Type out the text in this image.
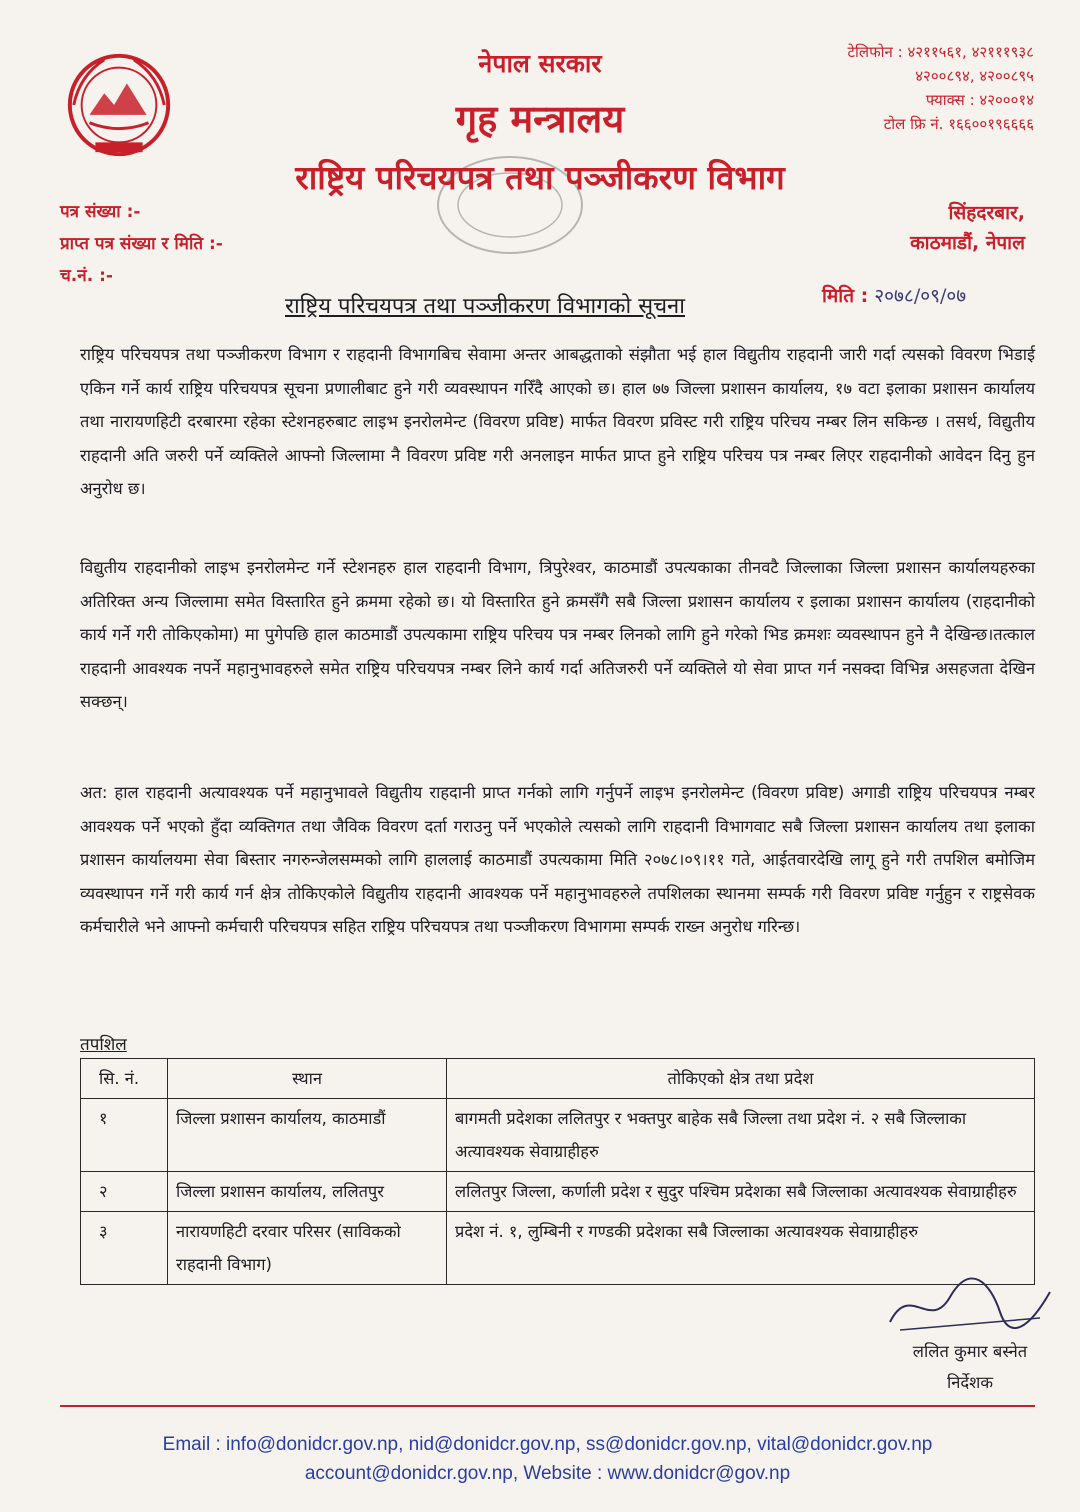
नेपाल सरकार
गृह मन्त्रालय
राष्ट्रिय परिचयपत्र तथा पञ्जीकरण विभाग
टेलिफोन : ४२११५६१, ४२१११९३८
४२००८९४, ४२००८९५
फ्याक्स : ४२०००१४
टोल फ्रि नं. १६६००१९६६६६
पत्र संख्या :-
प्राप्त पत्र संख्या र मिति :-
च.नं. :-
सिंहदरबार,
काठमाडौं, नेपाल
मिति : २०७८/०९/०७
राष्ट्रिय परिचयपत्र तथा पञ्जीकरण विभागको सूचना
राष्ट्रिय परिचयपत्र तथा पञ्जीकरण विभाग र राहदानी विभागबिच सेवामा अन्तर आबद्धताको संझौता भई हाल विद्युतीय राहदानी जारी गर्दा त्यसको विवरण भिडाई एकिन गर्ने कार्य राष्ट्रिय परिचयपत्र सूचना प्रणालीबाट हुने गरी व्यवस्थापन गरिँदै आएको छ। हाल ७७ जिल्ला प्रशासन कार्यालय, १७ वटा इलाका प्रशासन कार्यालय तथा नारायणहिटी दरबारमा रहेका स्टेशनहरुबाट लाइभ इनरोलमेन्ट (विवरण प्रविष्ट) मार्फत विवरण प्रविस्ट गरी राष्ट्रिय परिचय नम्बर लिन सकिन्छ । तसर्थ, विद्युतीय राहदानी अति जरुरी पर्ने व्यक्तिले आफ्नो जिल्लामा नै विवरण प्रविष्ट गरी अनलाइन मार्फत प्राप्त हुने राष्ट्रिय परिचय पत्र नम्बर लिएर राहदानीको आवेदन दिनु हुन अनुरोध छ।
विद्युतीय राहदानीको लाइभ इनरोलमेन्ट गर्ने स्टेशनहरु हाल राहदानी विभाग, त्रिपुरेश्वर, काठमाडौं उपत्यकाका तीनवटै जिल्लाका जिल्ला प्रशासन कार्यालयहरुका अतिरिक्त अन्य जिल्लामा समेत विस्तारित हुने क्रममा रहेको छ। यो विस्तारित हुने क्रमसँगै सबै जिल्ला प्रशासन कार्यालय र इलाका प्रशासन कार्यालय (राहदानीको कार्य गर्ने गरी तोकिएकोमा) मा पुगेपछि हाल काठमाडौं उपत्यकामा राष्ट्रिय परिचय पत्र नम्बर लिनको लागि हुने गरेको भिड क्रमशः व्यवस्थापन हुने नै देखिन्छ।तत्काल राहदानी आवश्यक नपर्ने महानुभावहरुले समेत राष्ट्रिय परिचयपत्र नम्बर लिने कार्य गर्दा अतिजरुरी पर्ने व्यक्तिले यो सेवा प्राप्त गर्न नसक्दा विभिन्न असहजता देखिन सक्छन्।
अत: हाल राहदानी अत्यावश्यक पर्ने महानुभावले विद्युतीय राहदानी प्राप्त गर्नको लागि गर्नुपर्ने लाइभ इनरोलमेन्ट (विवरण प्रविष्ट) अगाडी राष्ट्रिय परिचयपत्र नम्बर आवश्यक पर्ने भएको हुँदा व्यक्तिगत तथा जैविक विवरण दर्ता गराउनु पर्ने भएकोले त्यसको लागि राहदानी विभागवाट सबै जिल्ला प्रशासन कार्यालय तथा इलाका प्रशासन कार्यालयमा सेवा बिस्तार नगरुन्जेलसम्मको लागि हाललाई काठमाडौं उपत्यकामा मिति २०७८।०९।११ गते, आईतवारदेखि लागू हुने गरी तपशिल बमोजिम व्यवस्थापन गर्ने गरी कार्य गर्न क्षेत्र तोकिएकोले विद्युतीय राहदानी आवश्यक पर्ने महानुभावहरुले तपशिलका स्थानमा सम्पर्क गरी विवरण प्रविष्ट गर्नुहुन र राष्ट्रसेवक कर्मचारीले भने आफ्नो कर्मचारी परिचयपत्र सहित राष्ट्रिय परिचयपत्र तथा पञ्जीकरण विभागमा सम्पर्क राख्न अनुरोध गरिन्छ।
तपशिल
सि. नं.	स्थान	तोकिएको क्षेत्र तथा प्रदेश
१	जिल्ला प्रशासन कार्यालय, काठमाडौं	बागमती प्रदेशका ललितपुर र भक्तपुर बाहेक सबै जिल्ला तथा प्रदेश नं. २ सबै जिल्लाका अत्यावश्यक सेवाग्राहीहरु
२	जिल्ला प्रशासन कार्यालय, ललितपुर	ललितपुर जिल्ला, कर्णाली प्रदेश र सुदुर पश्चिम प्रदेशका सबै जिल्लाका अत्यावश्यक सेवाग्राहीहरु
३	नारायणहिटी दरवार परिसर (साविकको राहदानी विभाग)	प्रदेश नं. १, लुम्बिनी र गण्डकी प्रदेशका सबै जिल्लाका अत्यावश्यक सेवाग्राहीहरु
ललित कुमार बस्नेत
निर्देशक
Email : info@donidcr.gov.np, nid@donidcr.gov.np, ss@donidcr.gov.np, vital@donidcr.gov.np
account@donidcr.gov.np, Website : www.donidcr@gov.np
